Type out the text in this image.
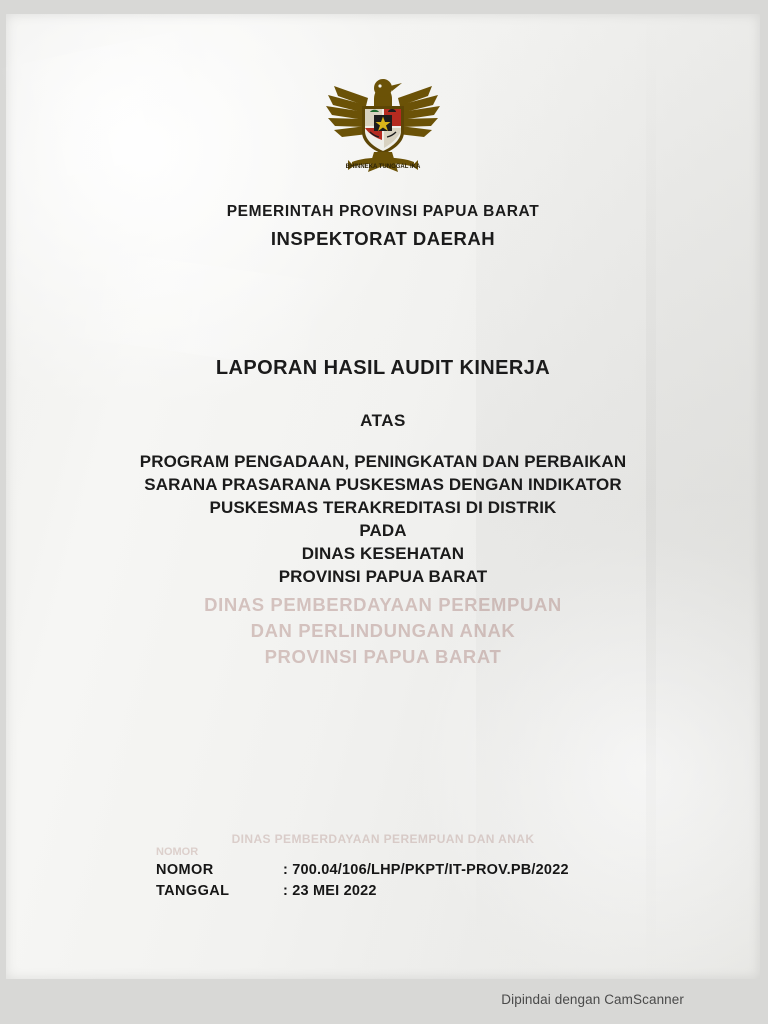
BHINNEKA TUNGGAL IKA
PEMERINTAH PROVINSI PAPUA BARAT
INSPEKTORAT DAERAH
LAPORAN HASIL AUDIT KINERJA
ATAS
PROGRAM PENGADAAN, PENINGKATAN DAN PERBAIKAN
SARANA PRASARANA PUSKESMAS DENGAN INDIKATOR
PUSKESMAS TERAKREDITASI DI DISTRIK
PADA
DINAS KESEHATAN
PROVINSI PAPUA BARAT
DINAS PEMBERDAYAAN PEREMPUAN
DAN PERLINDUNGAN ANAK
PROVINSI PAPUA BARAT
DINAS PEMBERDAYAAN PEREMPUAN DAN ANAK
NOMOR
NOMOR	: 700.04/106/LHP/PKPT/IT-PROV.PB/2022
TANGGAL	: 23 MEI 2022
Dipindai dengan CamScanner
